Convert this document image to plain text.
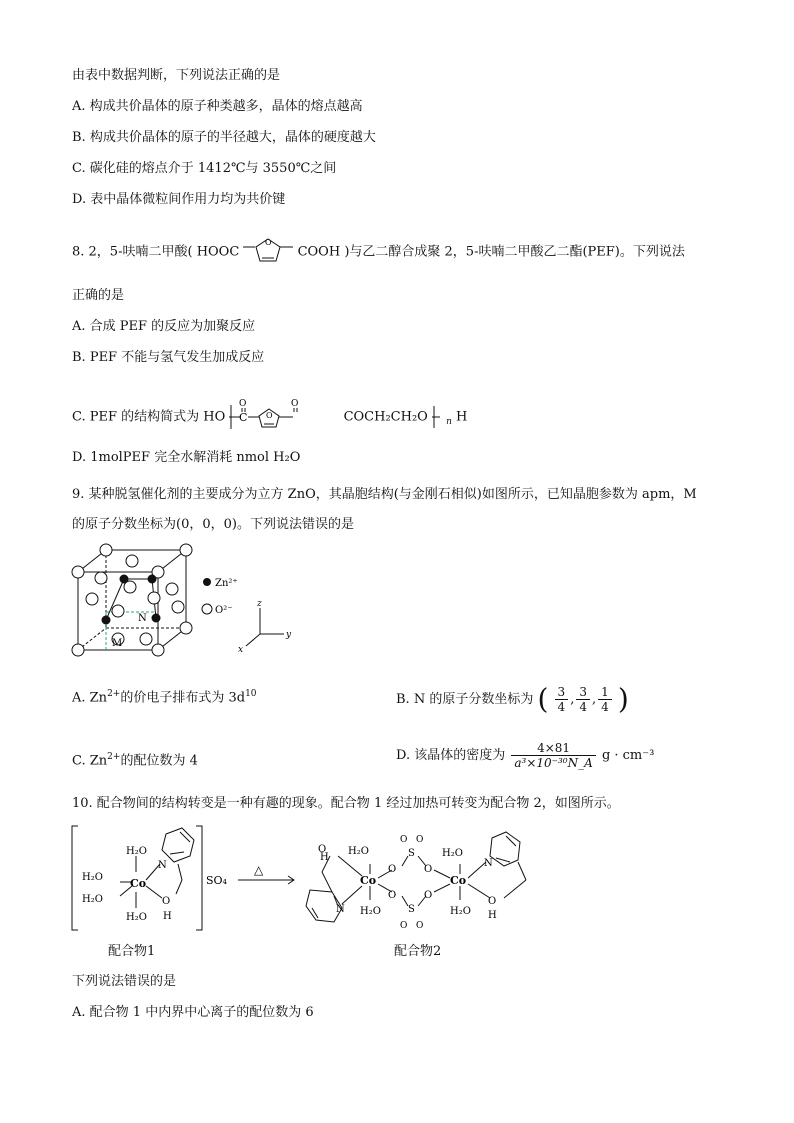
由表中数据判断，下列说法正确的是
A. 构成共价晶体的原子种类越多，晶体的熔点越高
B. 构成共价晶体的原子的半径越大，晶体的硬度越大
C. 碳化硅的熔点介于 1412℃与 3550℃之间
D. 表中晶体微粒间作用力均为共价键
8. 2，5-呋喃二甲酸( HOOC
O
COOH )与乙二醇合成聚 2，5-呋喃二甲酸乙二酯(PEF)。下列说法
正确的是
A. 合成 PEF 的反应为加聚反应
B. PEF 不能与氢气发生加成反应
C. PEF 的结构简式为 HO C
O
O
O
COCH₂CH₂O $_n$ H
D. 1molPEF 完全水解消耗 nmol H₂O
9. 某种脱氢催化剂的主要成分为立方 ZnO，其晶胞结构(与金刚石相似)如图所示，已知晶胞参数为 apm，M
的原子分数坐标为(0，0，0)。下列说法错误的是
N
M
Zn²⁺
O²⁻
z
y
x
A. $Zn^{2+}$的价电子排布式为 $3d^{10}$	B. N 的原子分数坐标为 ( $\frac{3}{4}$ , $\frac{3}{4}$ , $\frac{1}{4}$ )
C. $Zn^{2+}$的配位数为 4	D. 该晶体的密度为 $\frac{4\times 81}{\text{a³×10⁻³⁰N\_A}}$ g · cm⁻³
10. 配合物间的结构转变是一种有趣的现象。配合物 1 经过加热可转变为配合物 2，如图所示。
H₂O
H₂O
H₂O
H₂O
Co
N
O
H
SO₄
△
O
H
N
H₂O
Co
H₂O
O
O
S
S
O O
O O
O
O
H₂O
Co
H₂O
N
O
H
配合物1	配合物2
下列说法错误的是
A. 配合物 1 中内界中心离子的配位数为 6
